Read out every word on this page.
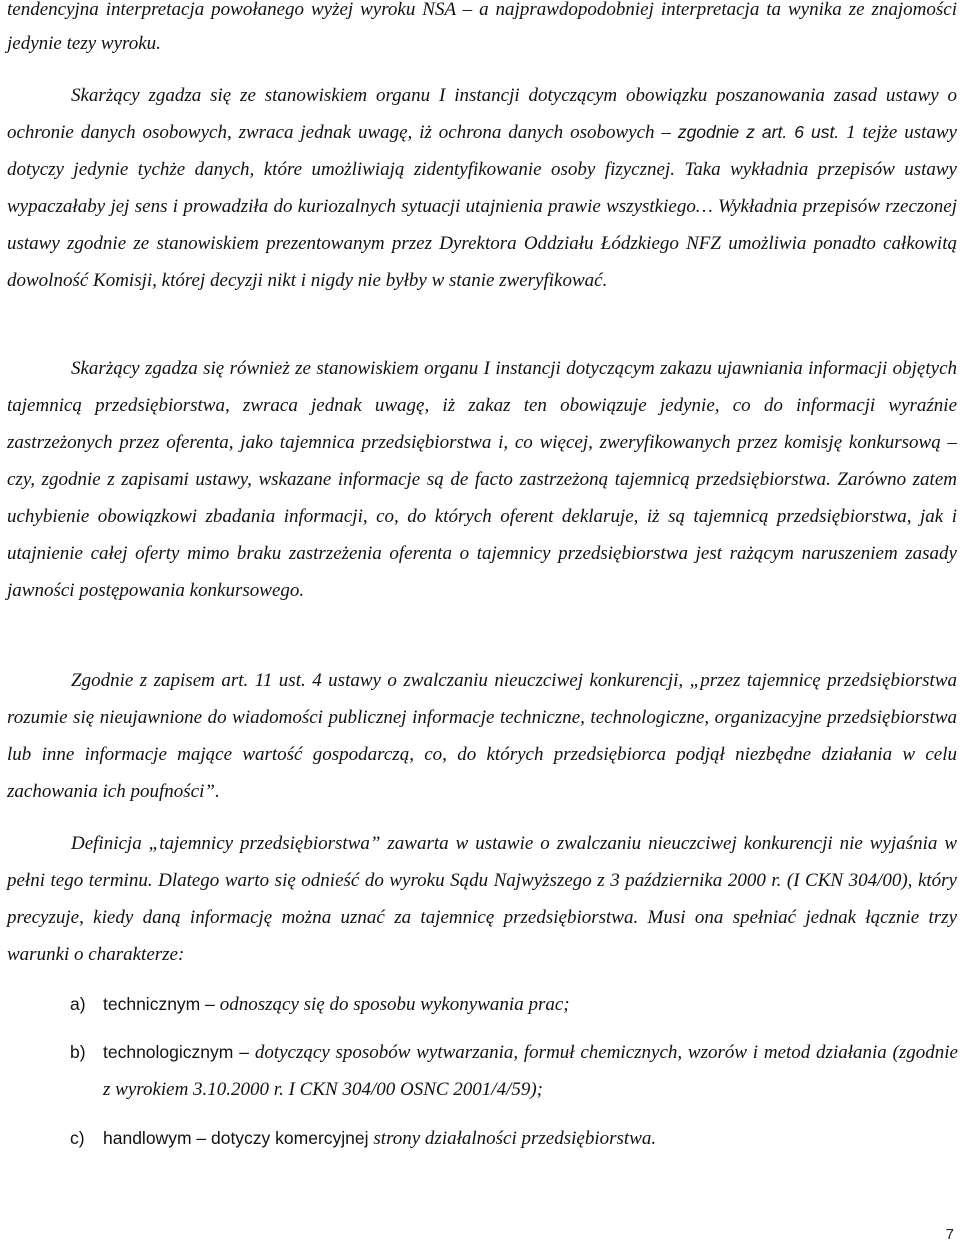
tendencyjna interpretacja powołanego wyżej wyroku NSA – a najprawdopodobniej interpretacja ta wynika ze znajomości jedynie tezy wyroku.

Skarżący zgadza się ze stanowiskiem organu I instancji dotyczącym obowiązku poszanowania zasad ustawy o ochronie danych osobowych, zwraca jednak uwagę, iż ochrona danych osobowych – zgodnie z art. 6 ust. 1 tejże ustawy dotyczy jedynie tychże danych, które umożliwiają zidentyfikowanie osoby fizycznej. Taka wykładnia przepisów ustawy wypaczałaby jej sens i prowadziła do kuriozalnych sytuacji utajnienia prawie wszystkiego… Wykładnia przepisów rzeczonej ustawy zgodnie ze stanowiskiem prezentowanym przez Dyrektora Oddziału Łódzkiego NFZ umożliwia ponadto całkowitą dowolność Komisji, której decyzji nikt i nigdy nie byłby w stanie zweryfikować.

Skarżący zgadza się również ze stanowiskiem organu I instancji dotyczącym zakazu ujawniania informacji objętych tajemnicą przedsiębiorstwa, zwraca jednak uwagę, iż zakaz ten obowiązuje jedynie, co do informacji wyraźnie zastrzeżonych przez oferenta, jako tajemnica przedsiębiorstwa i, co więcej, zweryfikowanych przez komisję konkursową – czy, zgodnie z zapisami ustawy, wskazane informacje są de facto zastrzeżoną tajemnicą przedsiębiorstwa. Zarówno zatem uchybienie obowiązkowi zbadania informacji, co, do których oferent deklaruje, iż są tajemnicą przedsiębiorstwa, jak i utajnienie całej oferty mimo braku zastrzeżenia oferenta o tajemnicy przedsiębiorstwa jest rażącym naruszeniem zasady jawności postępowania konkursowego.

Zgodnie z zapisem art. 11 ust. 4 ustawy o zwalczaniu nieuczciwej konkurencji, „przez tajemnicę przedsiębiorstwa rozumie się nieujawnione do wiadomości publicznej informacje techniczne, technologiczne, organizacyjne przedsiębiorstwa lub inne informacje mające wartość gospodarczą, co, do których przedsiębiorca podjął niezbędne działania w celu zachowania ich poufności”.

Definicja „tajemnicy przedsiębiorstwa” zawarta w ustawie o zwalczaniu nieuczciwej konkurencji nie wyjaśnia w pełni tego terminu. Dlatego warto się odnieść do wyroku Sądu Najwyższego z 3 października 2000 r. (I CKN 304/00), który precyzuje, kiedy daną informację można uznać za tajemnicę przedsiębiorstwa. Musi ona spełniać jednak łącznie trzy warunki o charakterze:

a) technicznym – odnoszący się do sposobu wykonywania prac;
b) technologicznym – dotyczący sposobów wytwarzania, formuł chemicznych, wzorów i metod działania (zgodnie z wyrokiem 3.10.2000 r. I CKN 304/00 OSNC 2001/4/59);
c) handlowym – dotyczy komercyjnej strony działalności przedsiębiorstwa.
7
